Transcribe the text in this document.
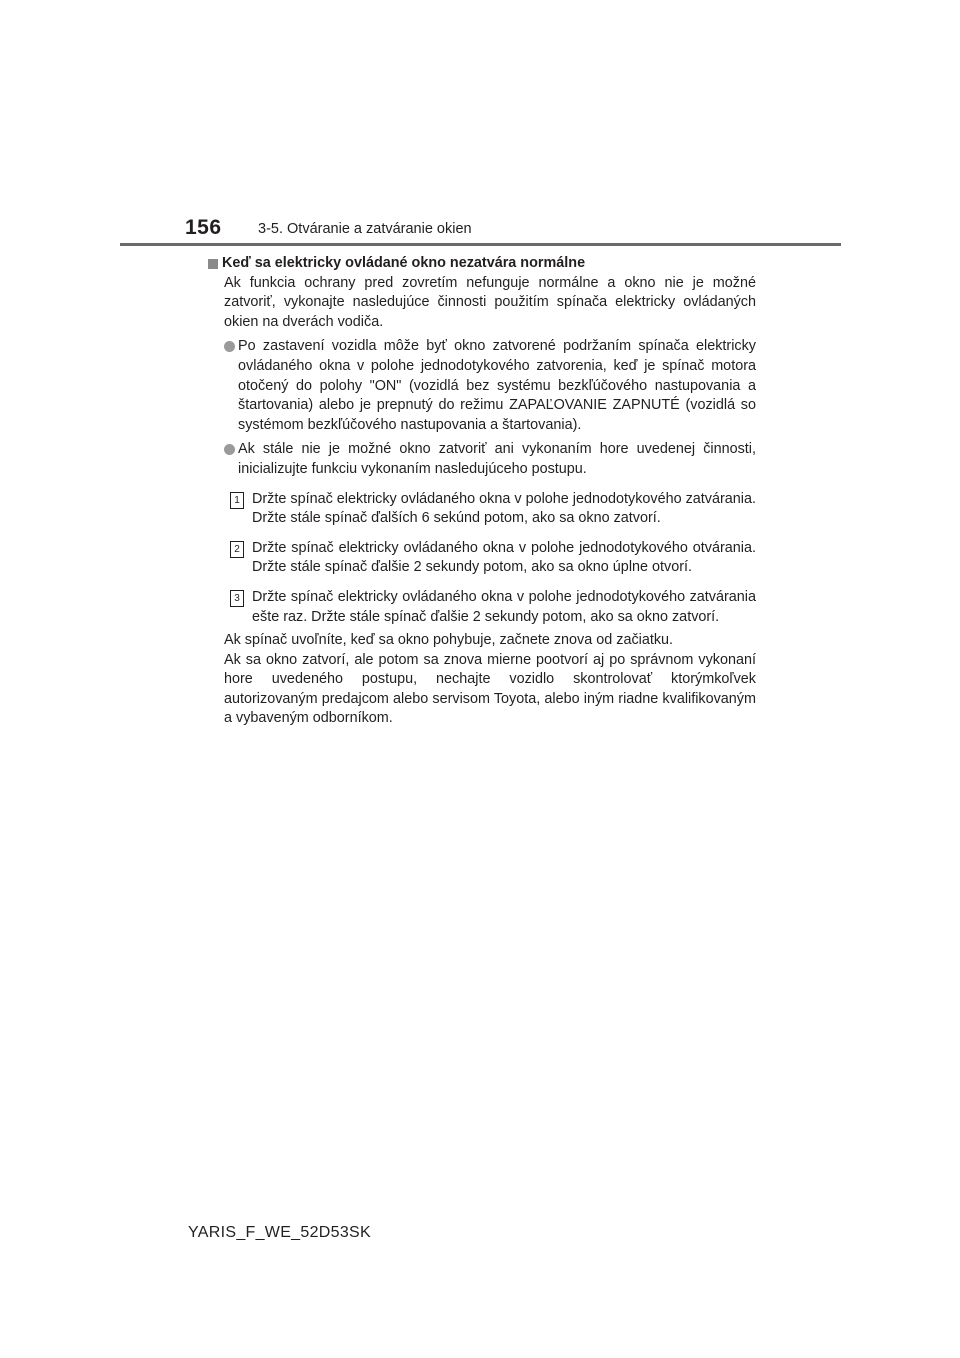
156	3-5. Otváranie a zatváranie okien
Keď sa elektricky ovládané okno nezatvára normálne
Ak funkcia ochrany pred zovretím nefunguje normálne a okno nie je možné zatvoriť, vykonajte nasledujúce činnosti použitím spínača elektricky ovládaných okien na dverách vodiča.
Po zastavení vozidla môže byť okno zatvorené podržaním spínača elektricky ovládaného okna v polohe jednodotykového zatvorenia, keď je spínač motora otočený do polohy "ON" (vozidlá bez systému bezkľúčového nastupovania a štartovania) alebo je prepnutý do režimu ZAPAĽOVANIE ZAPNUTÉ (vozidlá so systémom bezkľúčového nastupovania a štartovania).
Ak stále nie je možné okno zatvoriť ani vykonaním hore uvedenej činnosti, inicializujte funkciu vykonaním nasledujúceho postupu.
1 Držte spínač elektricky ovládaného okna v polohe jednodotykového zatvárania. Držte stále spínač ďalších 6 sekúnd potom, ako sa okno zatvorí.
2 Držte spínač elektricky ovládaného okna v polohe jednodotykového otvárania. Držte stále spínač ďalšie 2 sekundy potom, ako sa okno úplne otvorí.
3 Držte spínač elektricky ovládaného okna v polohe jednodotykového zatvárania ešte raz. Držte stále spínač ďalšie 2 sekundy potom, ako sa okno zatvorí.
Ak spínač uvoľníte, keď sa okno pohybuje, začnete znova od začiatku.
Ak sa okno zatvorí, ale potom sa znova mierne pootvorí aj po správnom vykonaní hore uvedeného postupu, nechajte vozidlo skontrolovať ktorýmkoľvek autorizovaným predajcom alebo servisom Toyota, alebo iným riadne kvalifikovaným a vybaveným odborníkom.
YARIS_F_WE_52D53SK
